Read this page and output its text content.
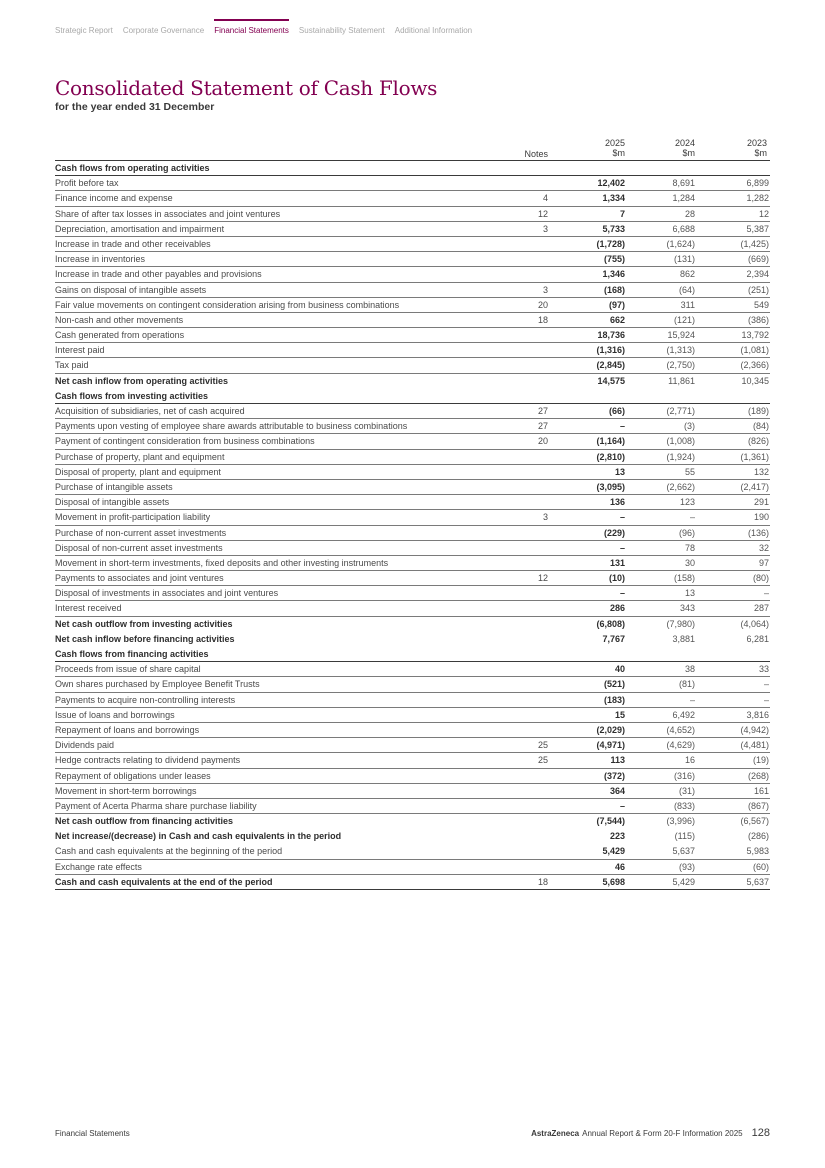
Strategic Report Corporate Governance Financial Statements Sustainability Statement Additional Information
Consolidated Statement of Cash Flows
for the year ended 31 December
Notes
2025
$m
2024
$m
2023
$m
Cash flows from operating activities
Profit before tax	12,402	8,691	6,899
Finance income and expense	4	1,334	1,284	1,282
Share of after tax losses in associates and joint ventures	12	7	28	12
Depreciation, amortisation and impairment	3	5,733	6,688	5,387
Increase in trade and other receivables	(1,728)	(1,624)	(1,425)
Increase in inventories	(755)	(131)	(669)
Increase in trade and other payables and provisions	1,346	862	2,394
Gains on disposal of intangible assets	3	(168)	(64)	(251)
Fair value movements on contingent consideration arising from business combinations	20	(97)	311	549
Non-cash and other movements	18	662	(121)	(386)
Cash generated from operations	18,736	15,924	13,792
Interest paid	(1,316)	(1,313)	(1,081)
Tax paid	(2,845)	(2,750)	(2,366)
Net cash inflow from operating activities	14,575	11,861	10,345
Cash flows from investing activities
Acquisition of subsidiaries, net of cash acquired	27	(66)	(2,771)	(189)
Payments upon vesting of employee share awards attributable to business combinations	27	–	(3)	(84)
Payment of contingent consideration from business combinations	20	(1,164)	(1,008)	(826)
Purchase of property, plant and equipment	(2,810)	(1,924)	(1,361)
Disposal of property, plant and equipment	13	55	132
Purchase of intangible assets	(3,095)	(2,662)	(2,417)
Disposal of intangible assets	136	123	291
Movement in profit-participation liability	3	–	–	190
Purchase of non-current asset investments	(229)	(96)	(136)
Disposal of non-current asset investments	–	78	32
Movement in short-term investments, fixed deposits and other investing instruments	131	30	97
Payments to associates and joint ventures	12	(10)	(158)	(80)
Disposal of investments in associates and joint ventures	–	13	–
Interest received	286	343	287
Net cash outflow from investing activities	(6,808)	(7,980)	(4,064)
Net cash inflow before financing activities	7,767	3,881	6,281
Cash flows from financing activities
Proceeds from issue of share capital	40	38	33
Own shares purchased by Employee Benefit Trusts	(521)	(81)	–
Payments to acquire non-controlling interests	(183)	–	–
Issue of loans and borrowings	15	6,492	3,816
Repayment of loans and borrowings	(2,029)	(4,652)	(4,942)
Dividends paid	25	(4,971)	(4,629)	(4,481)
Hedge contracts relating to dividend payments	25	113	16	(19)
Repayment of obligations under leases	(372)	(316)	(268)
Movement in short-term borrowings	364	(31)	161
Payment of Acerta Pharma share purchase liability	–	(833)	(867)
Net cash outflow from financing activities	(7,544)	(3,996)	(6,567)
Net increase/(decrease) in Cash and cash equivalents in the period	223	(115)	(286)
Cash and cash equivalents at the beginning of the period	5,429	5,637	5,983
Exchange rate effects	46	(93)	(60)
Cash and cash equivalents at the end of the period	18	5,698	5,429	5,637
Financial Statements	AstraZeneca Annual Report & Form 20-F Information 2025 128
